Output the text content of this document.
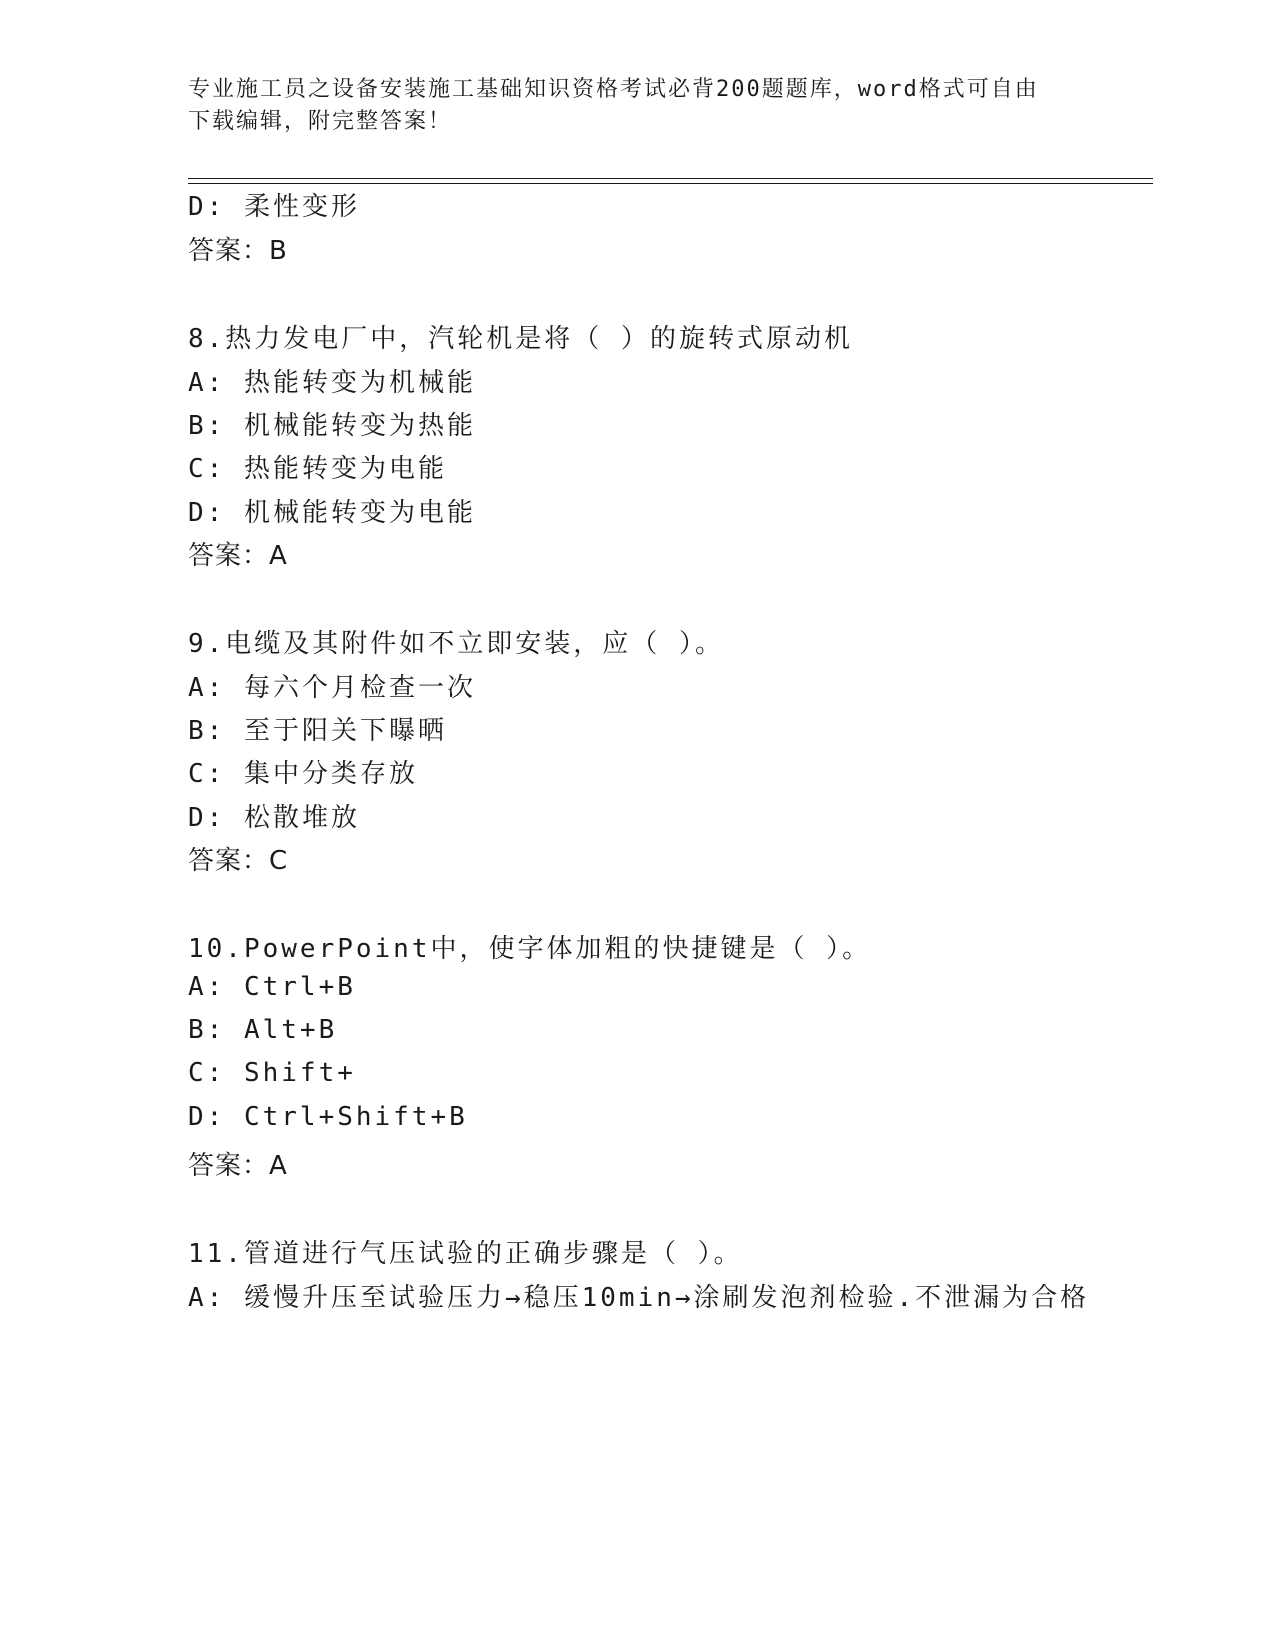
专业施工员之设备安装施工基础知识资格考试必背200题题库，word格式可自由
下载编辑，附完整答案！
D: 柔性变形
答案：B
8.热力发电厂中，汽轮机是将（ ）的旋转式原动机
A: 热能转变为机械能
B: 机械能转变为热能
C: 热能转变为电能
D: 机械能转变为电能
答案：A
9.电缆及其附件如不立即安装，应（ ）。
A: 每六个月检查一次
B: 至于阳关下曝晒
C: 集中分类存放
D: 松散堆放
答案：C
10.PowerPoint中，使字体加粗的快捷键是（ ）。
A: Ctrl+B
B: Alt+B
C: Shift+
D: Ctrl+Shift+B
答案：A
11.管道进行气压试验的正确步骤是（ ）。
A: 缓慢升压至试验压力→稳压10min→涂刷发泡剂检验.不泄漏为合格
